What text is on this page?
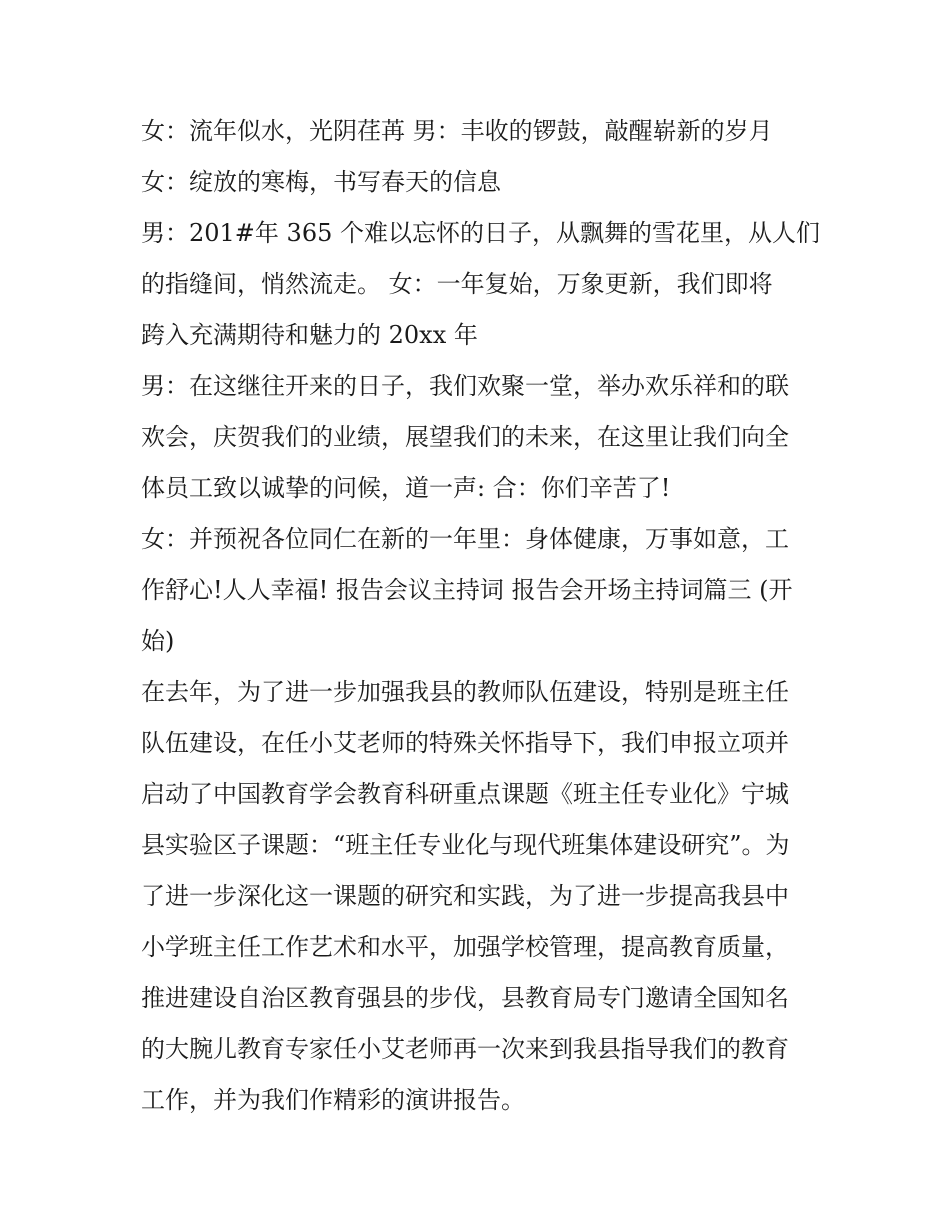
女：流年似水，光阴荏苒 男：丰收的锣鼓，敲醒崭新的岁月
女：绽放的寒梅，书写春天的信息
男：201#年 365 个难以忘怀的日子，从飘舞的雪花里，从人们
的指缝间，悄然流走。 女：一年复始，万象更新，我们即将
跨入充满期待和魅力的 20xx 年
男：在这继往开来的日子，我们欢聚一堂，举办欢乐祥和的联
欢会，庆贺我们的业绩，展望我们的未来，在这里让我们向全
体员工致以诚挚的问候，道一声: 合：你们辛苦了!
女：并预祝各位同仁在新的一年里：身体健康，万事如意，工
作舒心!人人幸福! 报告会议主持词 报告会开场主持词篇三 (开
始)
在去年，为了进一步加强我县的教师队伍建设，特别是班主任
队伍建设，在任小艾老师的特殊关怀指导下，我们申报立项并
启动了中国教育学会教育科研重点课题《班主任专业化》宁城
县实验区子课题：“班主任专业化与现代班集体建设研究”。为
了进一步深化这一课题的研究和实践，为了进一步提高我县中
小学班主任工作艺术和水平，加强学校管理，提高教育质量，
推进建设自治区教育强县的步伐，县教育局专门邀请全国知名
的大腕儿教育专家任小艾老师再一次来到我县指导我们的教育
工作，并为我们作精彩的演讲报告。
